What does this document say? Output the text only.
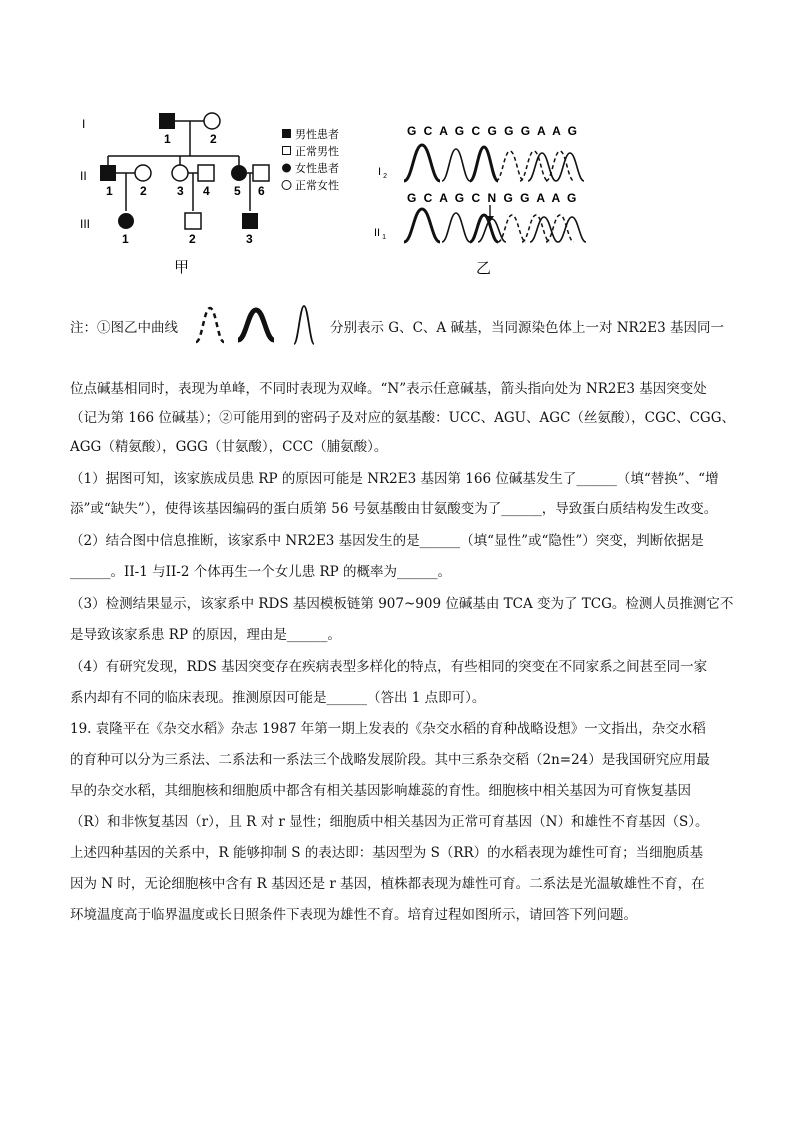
I
II
III
1	2
1 2	3 4 5 6
1	2	3
男性患者
正常男性
女性患者
正常女性
甲
G C A G C G G G A A G
G C A G C N G G A A G
I $_2$
II $_1$
乙
注：①图乙中曲线	分别表示 G、C、A 碱基，当同源染色体上一对 NR2E3 基因同一
位点碱基相同时，表现为单峰，不同时表现为双峰。“N”表示任意碱基，箭头指向处为 NR2E3 基因突变处
（记为第 166 位碱基）；②可能用到的密码子及对应的氨基酸：UCC、AGU、AGC（丝氨酸），CGC、CGG、
AGG（精氨酸），GGG（甘氨酸），CCC（脯氨酸）。
（1）据图可知，该家族成员患 RP 的原因可能是 NR2E3 基因第 166 位碱基发生了______（填“替换”、“增
添”或“缺失”），使得该基因编码的蛋白质第 56 号氨基酸由甘氨酸变为了______，导致蛋白质结构发生改变。
（2）结合图中信息推断，该家系中 NR2E3 基因发生的是______（填“显性”或“隐性”）突变，判断依据是
______。II-1 与II-2 个体再生一个女儿患 RP 的概率为______。
（3）检测结果显示，该家系中 RDS 基因模板链第 907~909 位碱基由 TCA 变为了 TCG。检测人员推测它不
是导致该家系患 RP 的原因，理由是______。
（4）有研究发现，RDS 基因突变存在疾病表型多样化的特点，有些相同的突变在不同家系之间甚至同一家
系内却有不同的临床表现。推测原因可能是______（答出 1 点即可）。
19. 袁隆平在《杂交水稻》杂志 1987 年第一期上发表的《杂交水稻的育种战略设想》一文指出，杂交水稻
的育种可以分为三系法、二系法和一系法三个战略发展阶段。其中三系杂交稻（2n=24）是我国研究应用最
早的杂交水稻，其细胞核和细胞质中都含有相关基因影响雄蕊的育性。细胞核中相关基因为可育恢复基因
（R）和非恢复基因（r），且 R 对 r 显性；细胞质中相关基因为正常可育基因（N）和雄性不育基因（S）。
上述四种基因的关系中，R 能够抑制 S 的表达即：基因型为 S（RR）的水稻表现为雄性可育；当细胞质基
因为 N 时，无论细胞核中含有 R 基因还是 r 基因，植株都表现为雄性可育。二系法是光温敏雄性不育，在
环境温度高于临界温度或长日照条件下表现为雄性不育。培育过程如图所示，请回答下列问题。
